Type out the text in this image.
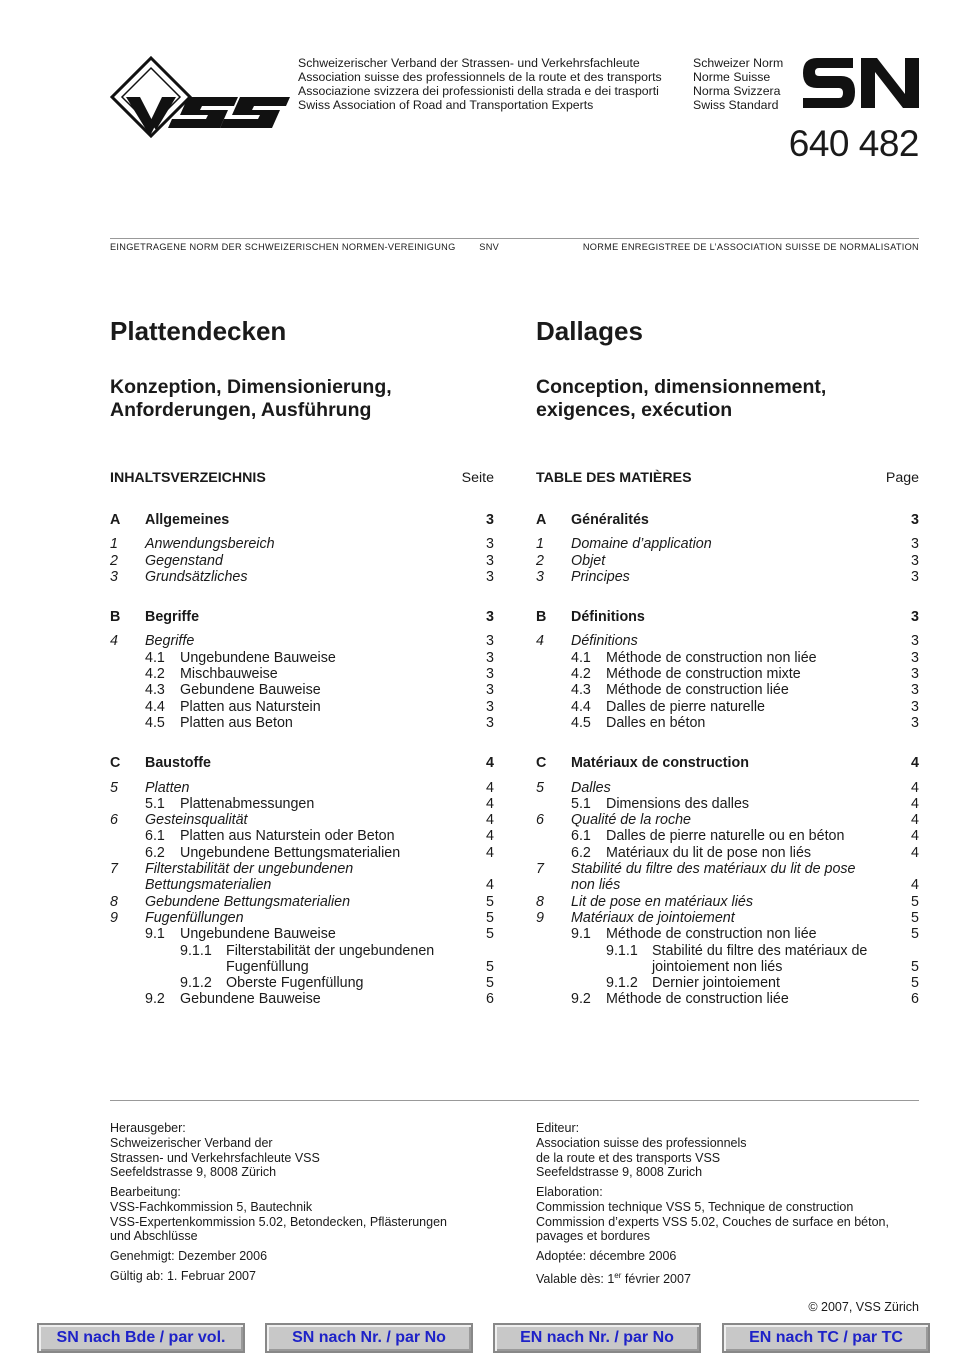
Schweizerischer Verband der Strassen- und Verkehrsfachleute
Association suisse des professionnels de la route et des transports
Associazione svizzera dei professionisti della strada e dei trasporti
Swiss Association of Road and Transportation Experts
Schweizer Norm
Norme Suisse
Norma Svizzera
Swiss Standard
640 482
EINGETRAGENE NORM DER SCHWEIZERISCHEN NORMEN-VEREINIGUNG	SNV	NORME ENREGISTREE DE L’ASSOCIATION SUISSE DE NORMALISATION
Plattendecken
Konzeption, Dimensionierung,
Anforderungen, Ausführung
INHALTSVERZEICHNIS	Seite
A Allgemeines	3
1 Anwendungsbereich	3
2 Gegenstand	3
3 Grundsätzliches	3
B Begriffe	3
4 Begriffe	3
4.1 Ungebundene Bauweise	3
4.2 Mischbauweise	3
4.3 Gebundene Bauweise	3
4.4 Platten aus Naturstein	3
4.5 Platten aus Beton	3
C Baustoffe	4
5 Platten	4
5.1 Plattenabmessungen	4
6 Gesteinsqualität	4
6.1 Platten aus Naturstein oder Beton	4
6.2 Ungebundene Bettungsmaterialien	4
7 Filterstabilität der ungebundenen
Bettungsmaterialien	4
8 Gebundene Bettungsmaterialien	5
9 Fugenfüllungen	5
9.1 Ungebundene Bauweise	5
9.1.1 Filterstabilität der ungebundenen
Fugenfüllung	5
9.1.2 Oberste Fugenfüllung	5
9.2 Gebundene Bauweise	6
Dallages
Conception, dimensionnement,
exigences, exécution
TABLE DES MATIÈRES	Page
A Généralités	3
1 Domaine d’application	3
2 Objet	3
3 Principes	3
B Définitions	3
4 Définitions	3
4.1 Méthode de construction non liée	3
4.2 Méthode de construction mixte	3
4.3 Méthode de construction liée	3
4.4 Dalles de pierre naturelle	3
4.5 Dalles en béton	3
C Matériaux de construction	4
5 Dalles	4
5.1 Dimensions des dalles	4
6 Qualité de la roche	4
6.1 Dalles de pierre naturelle ou en béton	4
6.2 Matériaux du lit de pose non liés	4
7 Stabilité du filtre des matériaux du lit de pose
non liés	4
8 Lit de pose en matériaux liés	5
9 Matériaux de jointoiement	5
9.1 Méthode de construction non liée	5
9.1.1 Stabilité du filtre des matériaux de
jointoiement non liés	5
9.1.2 Dernier jointoiement	5
9.2 Méthode de construction liée	6

Herausgeber:
Schweizerischer Verband der
Strassen- und Verkehrsfachleute VSS
Seefeldstrasse 9, 8008 Zürich

Bearbeitung:
VSS-Fachkommission 5, Bautechnik
VSS-Expertenkommission 5.02, Betondecken, Pflästerungen
und Abschlüsse

Genehmigt: Dezember 2006

Gültig ab: 1. Februar 2007

Editeur:
Association suisse des professionnels
de la route et des transports VSS
Seefeldstrasse 9, 8008 Zurich

Elaboration:
Commission technique VSS 5, Technique de construction
Commission d’experts VSS 5.02, Couches de surface en béton,
pavages et bordures

Adoptée: décembre 2006

Valable dès: 1er février 2007

© 2007, VSS Zürich
SN nach Bde / par vol.	SN nach Nr. / par No	EN nach Nr. / par No	EN nach TC / par TC
